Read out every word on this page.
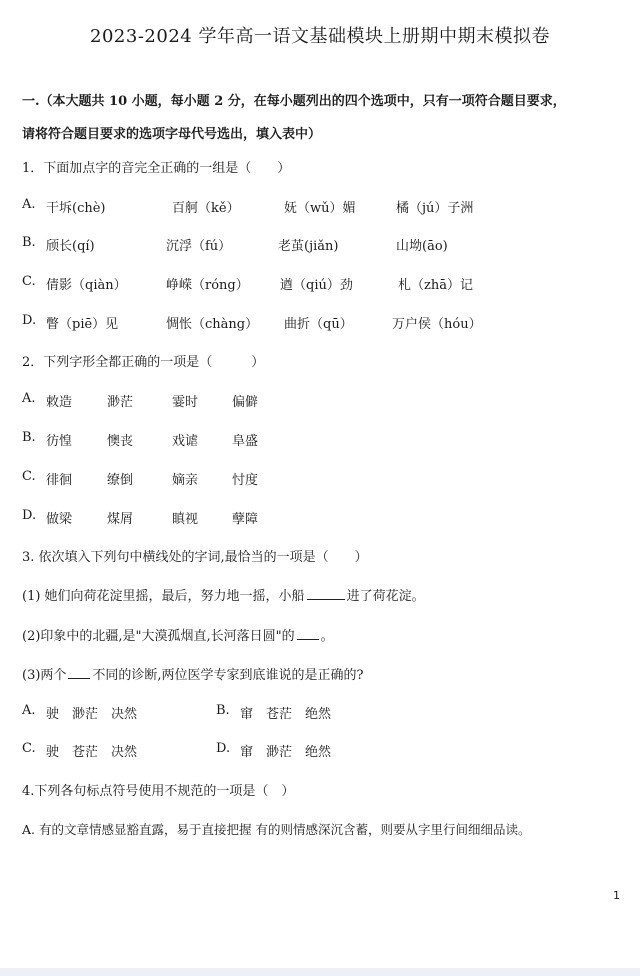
2023-2024 学年高一语文基础模块上册期中期末模拟卷
一.（本大题共 10 小题，每小题 2 分，在每小题列出的四个选项中，只有一项符合题目要求，
请将符合题目要求的选项字母代号选出，填入表中）
1．下面加点字的音完全正确的一组是（　　）
A. 干坼(chè)	百舸（kě）	妩（wǔ）媚	橘（jú）子洲
B. 颀长(qí)	沉浮（fú）	老茧(jiǎn)	山坳(āo)
C. 倩影（qiàn）	峥嵘（róng） 遒（qiú）劲	札（zhā）记
D. 瞥（piē）见	惆怅（chàng） 曲折（qū）	万户侯（hóu）
2．下列字形全都正确的一项是（　　　）
A. 敕造	渺茫	霎时	偏僻
B. 彷惶	懊丧	戏谑	阜盛
C. 徘徊	缭倒	嫡亲	忖度
D. 做梁	煤屑	瞋视	孽障
3. 依次填入下列句中横线处的字词,最恰当的一项是（　　）
(1) 她们向荷花淀里摇，最后，努力地一摇，小船	进了荷花淀。
(2)印象中的北疆,是"大漠孤烟直,长河落日圆"的 。
(3)两个 不同的诊断,两位医学专家到底谁说的是正确的?
A. 驶　渺茫　决然	B. 窜　苍茫　绝然
C. 驶　苍茫　决然	D. 窜　渺茫　绝然
4.下列各句标点符号使用不规范的一项是（　）
A. 有的文章情感显豁直露，易于直接把握 有的则情感深沉含蓄，则要从字里行间细细品读。
1
